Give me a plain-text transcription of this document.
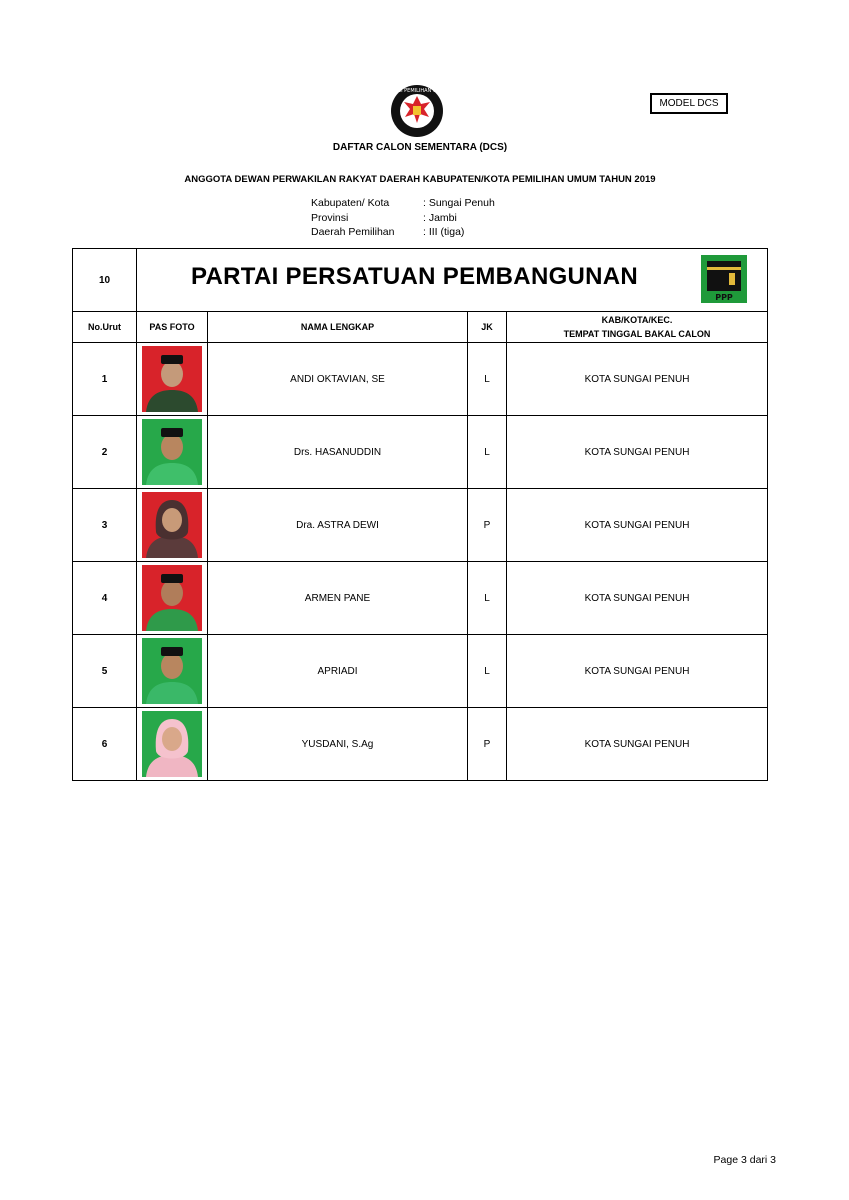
KOMISI PEMILIHAN UMUM
MODEL DCS
DAFTAR CALON SEMENTARA (DCS)
ANGGOTA DEWAN PERWAKILAN RAKYAT DAERAH KABUPATEN/KOTA PEMILIHAN UMUM TAHUN 2019
Kabupaten/ Kota	: Sungai Penuh
Provinsi	: Jambi
Daerah Pemilihan	: III (tiga)
10	PARTAI PERSATUAN PEMBANGUNAN
PPP			

No.Urut	PAS FOTO	NAMA LENGKAP	JK	KAB/KOTA/KEC.
TEMPAT TINGGAL BAKAL CALON

1		ANDI OKTAVIAN, SE	L	KOTA SUNGAI PENUH
2		Drs. HASANUDDIN	L	KOTA SUNGAI PENUH
3		Dra. ASTRA DEWI	P	KOTA SUNGAI PENUH
4		ARMEN PANE	L	KOTA SUNGAI PENUH
5		APRIADI	L	KOTA SUNGAI PENUH
6		YUSDANI, S.Ag	P	KOTA SUNGAI PENUH
Page 3 dari 3
